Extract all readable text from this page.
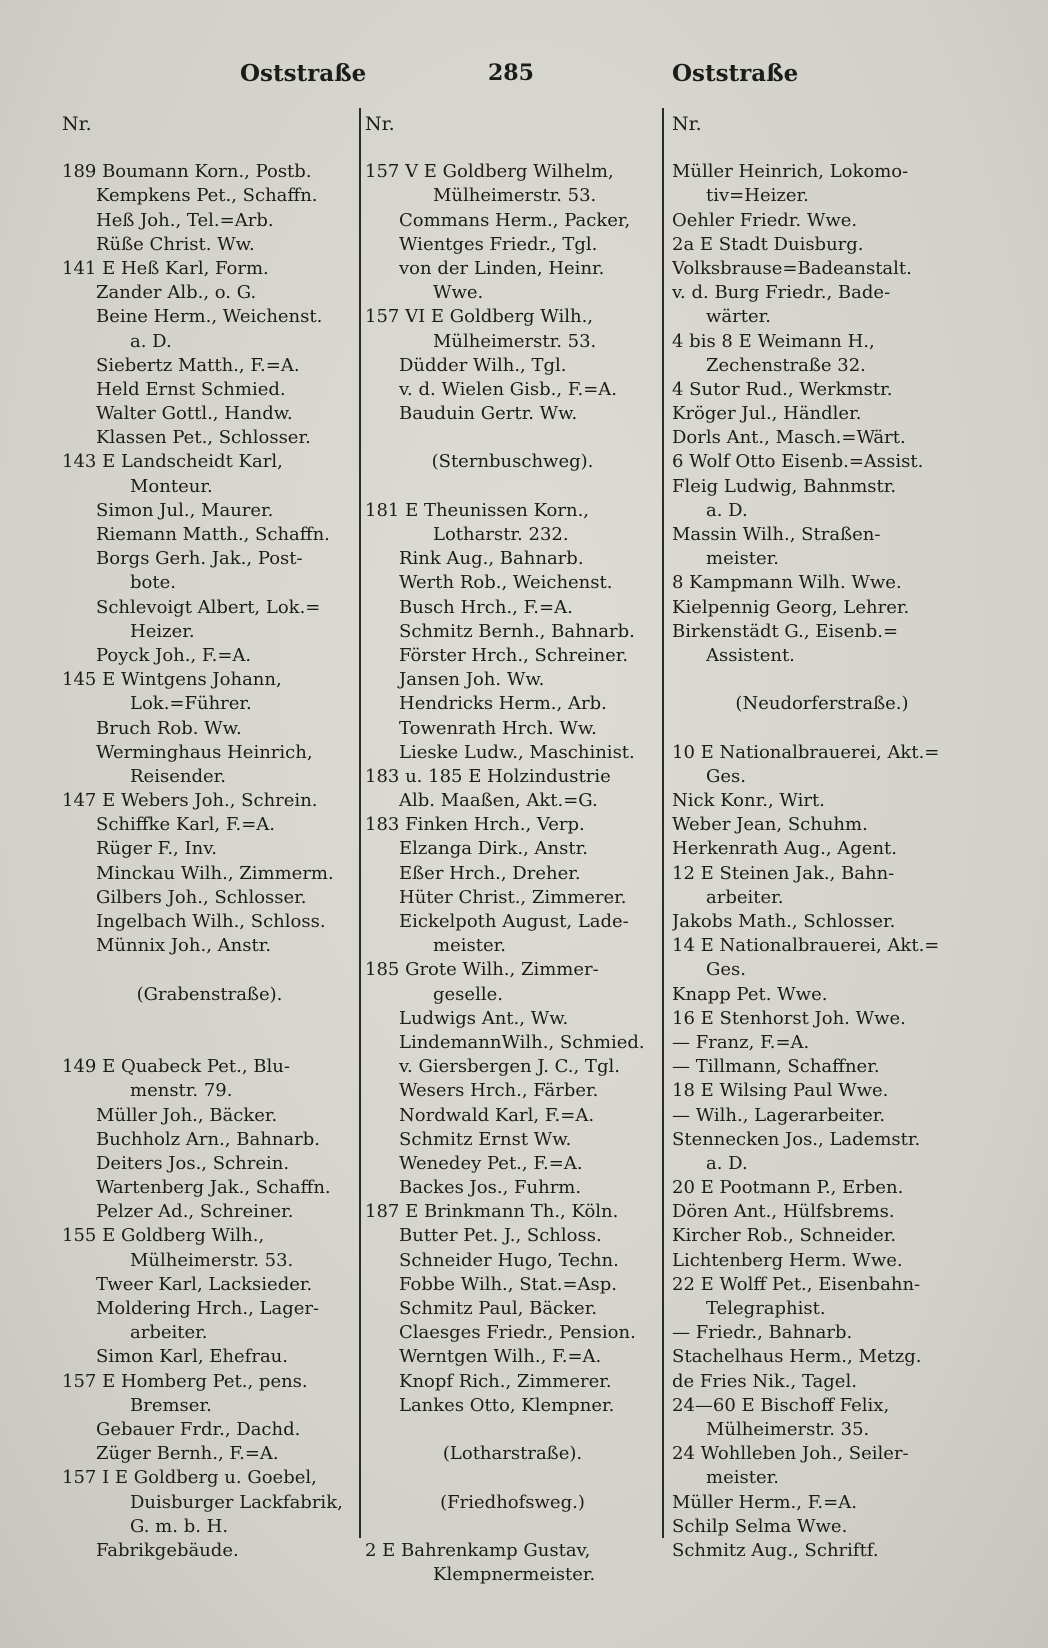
Oststraße	285	Oststraße
Nr.
189 Boumann Korn., Postb.
Kempkens Pet., Schaffn.
Heß Joh., Tel.=Arb.
Rüße Christ. Ww.
141 E Heß Karl, Form.
Zander Alb., o. G.
Beine Herm., Weichenst.
a. D.
Siebertz Matth., F.=A.
Held Ernst Schmied.
Walter Gottl., Handw.
Klassen Pet., Schlosser.
143 E Landscheidt Karl,
Monteur.
Simon Jul., Maurer.
Riemann Matth., Schaffn.
Borgs Gerh. Jak., Post-
bote.
Schlevoigt Albert, Lok.=
Heizer.
Poyck Joh., F.=A.
145 E Wintgens Johann,
Lok.=Führer.
Bruch Rob. Ww.
Werminghaus Heinrich,
Reisender.
147 E Webers Joh., Schrein.
Schiffke Karl, F.=A.
Rüger F., Inv.
Minckau Wilh., Zimmerm.
Gilbers Joh., Schlosser.
Ingelbach Wilh., Schloss.
Münnix Joh., Anstr.
(Grabenstraße).
149 E Quabeck Pet., Blu-
menstr. 79.
Müller Joh., Bäcker.
Buchholz Arn., Bahnarb.
Deiters Jos., Schrein.
Wartenberg Jak., Schaffn.
Pelzer Ad., Schreiner.
155 E Goldberg Wilh.,
Mülheimerstr. 53.
Tweer Karl, Lacksieder.
Moldering Hrch., Lager-
arbeiter.
Simon Karl, Ehefrau.
157 E Homberg Pet., pens.
Bremser.
Gebauer Frdr., Dachd.
Züger Bernh., F.=A.
157 I E Goldberg u. Goebel,
Duisburger Lackfabrik,
G. m. b. H.
Fabrikgebäude.
Nr.
157 V E Goldberg Wilhelm,
Mülheimerstr. 53.
Commans Herm., Packer,
Wientges Friedr., Tgl.
von der Linden, Heinr.
Wwe.
157 VI E Goldberg Wilh.,
Mülheimerstr. 53.
Düdder Wilh., Tgl.
v. d. Wielen Gisb., F.=A.
Bauduin Gertr. Ww.
(Sternbuschweg).
181 E Theunissen Korn.,
Lotharstr. 232.
Rink Aug., Bahnarb.
Werth Rob., Weichenst.
Busch Hrch., F.=A.
Schmitz Bernh., Bahnarb.
Förster Hrch., Schreiner.
Jansen Joh. Ww.
Hendricks Herm., Arb.
Towenrath Hrch. Ww.
Lieske Ludw., Maschinist.
183 u. 185 E Holzindustrie
Alb. Maaßen, Akt.=G.
183 Finken Hrch., Verp.
Elzanga Dirk., Anstr.
Eßer Hrch., Dreher.
Hüter Christ., Zimmerer.
Eickelpoth August, Lade-
meister.
185 Grote Wilh., Zimmer-
geselle.
Ludwigs Ant., Ww.
LindemannWilh., Schmied.
v. Giersbergen J. C., Tgl.
Wesers Hrch., Färber.
Nordwald Karl, F.=A.
Schmitz Ernst Ww.
Wenedey Pet., F.=A.
Backes Jos., Fuhrm.
187 E Brinkmann Th., Köln.
Butter Pet. J., Schloss.
Schneider Hugo, Techn.
Fobbe Wilh., Stat.=Asp.
Schmitz Paul, Bäcker.
Claesges Friedr., Pension.
Werntgen Wilh., F.=A.
Knopf Rich., Zimmerer.
Lankes Otto, Klempner.
(Lotharstraße).
(Friedhofsweg.)
2 E Bahrenkamp Gustav,
Klempnermeister.
Nr.
Müller Heinrich, Lokomo-
tiv=Heizer.
Oehler Friedr. Wwe.
2a E Stadt Duisburg.
Volksbrause=Badeanstalt.
v. d. Burg Friedr., Bade-
wärter.
4 bis 8 E Weimann H.,
Zechenstraße 32.
4 Sutor Rud., Werkmstr.
Kröger Jul., Händler.
Dorls Ant., Masch.=Wärt.
6 Wolf Otto Eisenb.=Assist.
Fleig Ludwig, Bahnmstr.
a. D.
Massin Wilh., Straßen-
meister.
8 Kampmann Wilh. Wwe.
Kielpennig Georg, Lehrer.
Birkenstädt G., Eisenb.=
Assistent.
(Neudorferstraße.)
10 E Nationalbrauerei, Akt.=
Ges.
Nick Konr., Wirt.
Weber Jean, Schuhm.
Herkenrath Aug., Agent.
12 E Steinen Jak., Bahn-
arbeiter.
Jakobs Math., Schlosser.
14 E Nationalbrauerei, Akt.=
Ges.
Knapp Pet. Wwe.
16 E Stenhorst Joh. Wwe.
— Franz, F.=A.
— Tillmann, Schaffner.
18 E Wilsing Paul Wwe.
— Wilh., Lagerarbeiter.
Stennecken Jos., Lademstr.
a. D.
20 E Pootmann P., Erben.
Dören Ant., Hülfsbrems.
Kircher Rob., Schneider.
Lichtenberg Herm. Wwe.
22 E Wolff Pet., Eisenbahn-
Telegraphist.
— Friedr., Bahnarb.
Stachelhaus Herm., Metzg.
de Fries Nik., Tagel.
24—60 E Bischoff Felix,
Mülheimerstr. 35.
24 Wohlleben Joh., Seiler-
meister.
Müller Herm., F.=A.
Schilp Selma Wwe.
Schmitz Aug., Schriftf.
